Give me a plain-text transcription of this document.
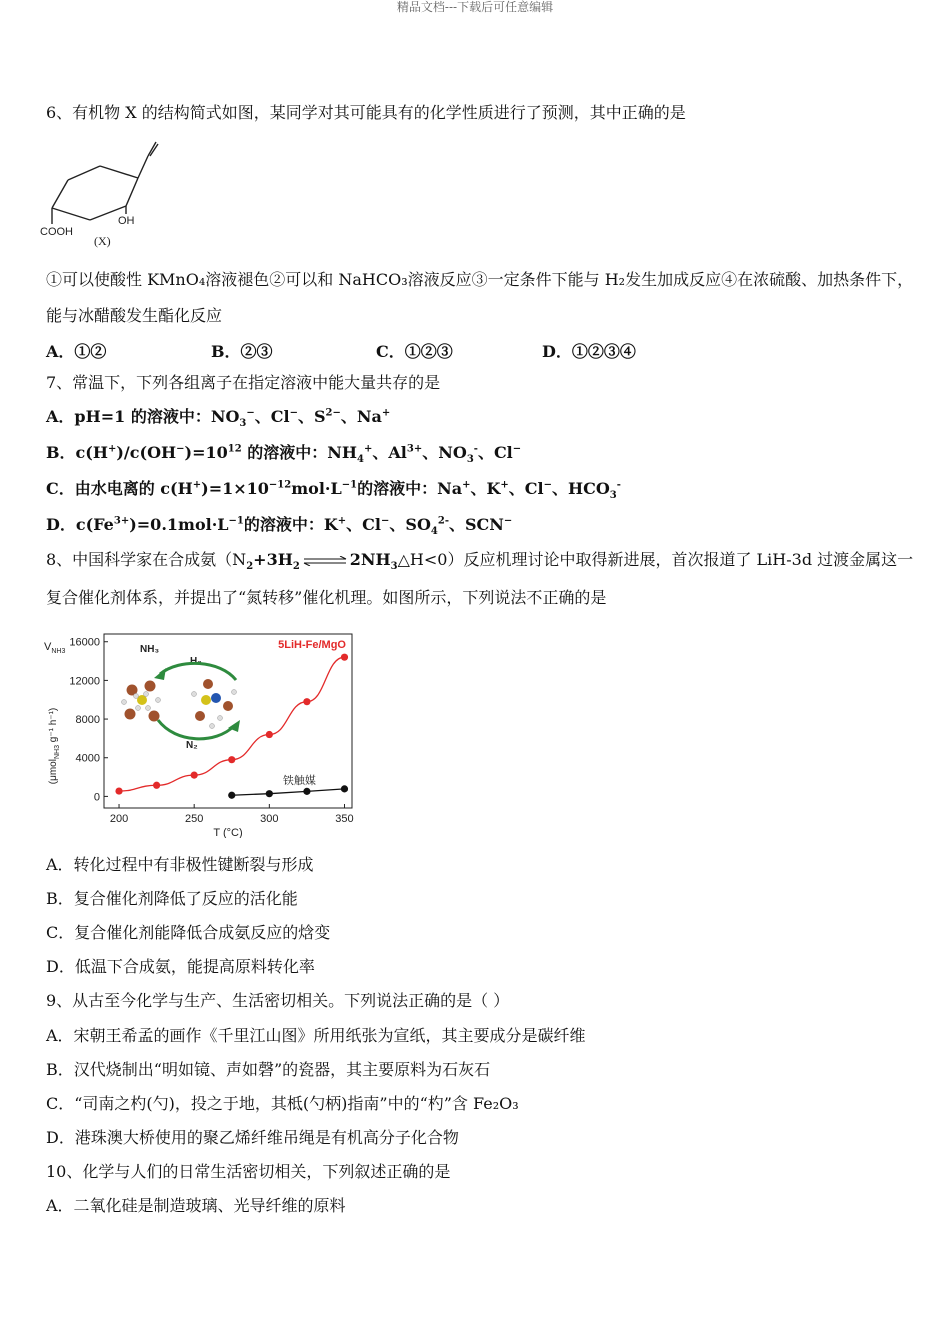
精品文档---下载后可任意编辑
6、有机物 X 的结构简式如图，某同学对其可能具有的化学性质进行了预测，其中正确的是
OH
COOH
(X)
①可以使酸性 KMnO₄溶液褪色②可以和 NaHCO₃溶液反应③一定条件下能与 H₂发生加成反应④在浓硫酸、加热条件下，
能与冰醋酸发生酯化反应
A．①②	B．②③	C．①②③	D．①②③④
7、常温下，下列各组离子在指定溶液中能大量共存的是
A．pH=1 的溶液中：$NO_3^-$、Cl−、$S^{2-}$、Na+
B．$c(H^+)/c(OH^-)=10^{12}$ 的溶液中：$NH_4^+$、$Al^{3+}$、$NO_3^-$、Cl−
C．由水电离的 $c(H^+)=1\times 10^{-12}mol\cdot L^{-1}$的溶液中：Na+、K+、Cl−、$HCO_3^-$
D．$c(Fe^{3+})=0.1mol\cdot L^{-1}$的溶液中：K+、Cl−、$SO_4^{2-}$、SCN−
8、中国科学家在合成氨（$N_2+3H_2$ ⇌ $2NH_3\triangle H<0$）反应机理讨论中取得新进展，首次报道了 LiH-3d 过渡金属这一
复合催化剂体系，并提出了“氮转移”催化机理。如图所示，下列说法不正确的是
200	250	300	350
0
4000
8000
12000
16000
T (°C)
$V_{NH3}$
(μmol$_{NH3}$ g⁻¹ h⁻¹)
5LiH-Fe/MgO
铁触媒
NH₃
H₂
N₂
A．转化过程中有非极性键断裂与形成
B．复合催化剂降低了反应的活化能
C．复合催化剂能降低合成氨反应的焓变
D．低温下合成氨，能提高原料转化率
9、从古至今化学与生产、生活密切相关。下列说法正确的是（ ）
A．宋朝王希孟的画作《千里江山图》所用纸张为宣纸，其主要成分是碳纤维
B．汉代烧制出“明如镜、声如磬”的瓷器，其主要原料为石灰石
C．“司南之杓(勺)，投之于地，其柢(勺柄)指南”中的“杓”含 Fe₂O₃
D．港珠澳大桥使用的聚乙烯纤维吊绳是有机高分子化合物
10、化学与人们的日常生活密切相关，下列叙述正确的是
A．二氧化硅是制造玻璃、光导纤维的原料
